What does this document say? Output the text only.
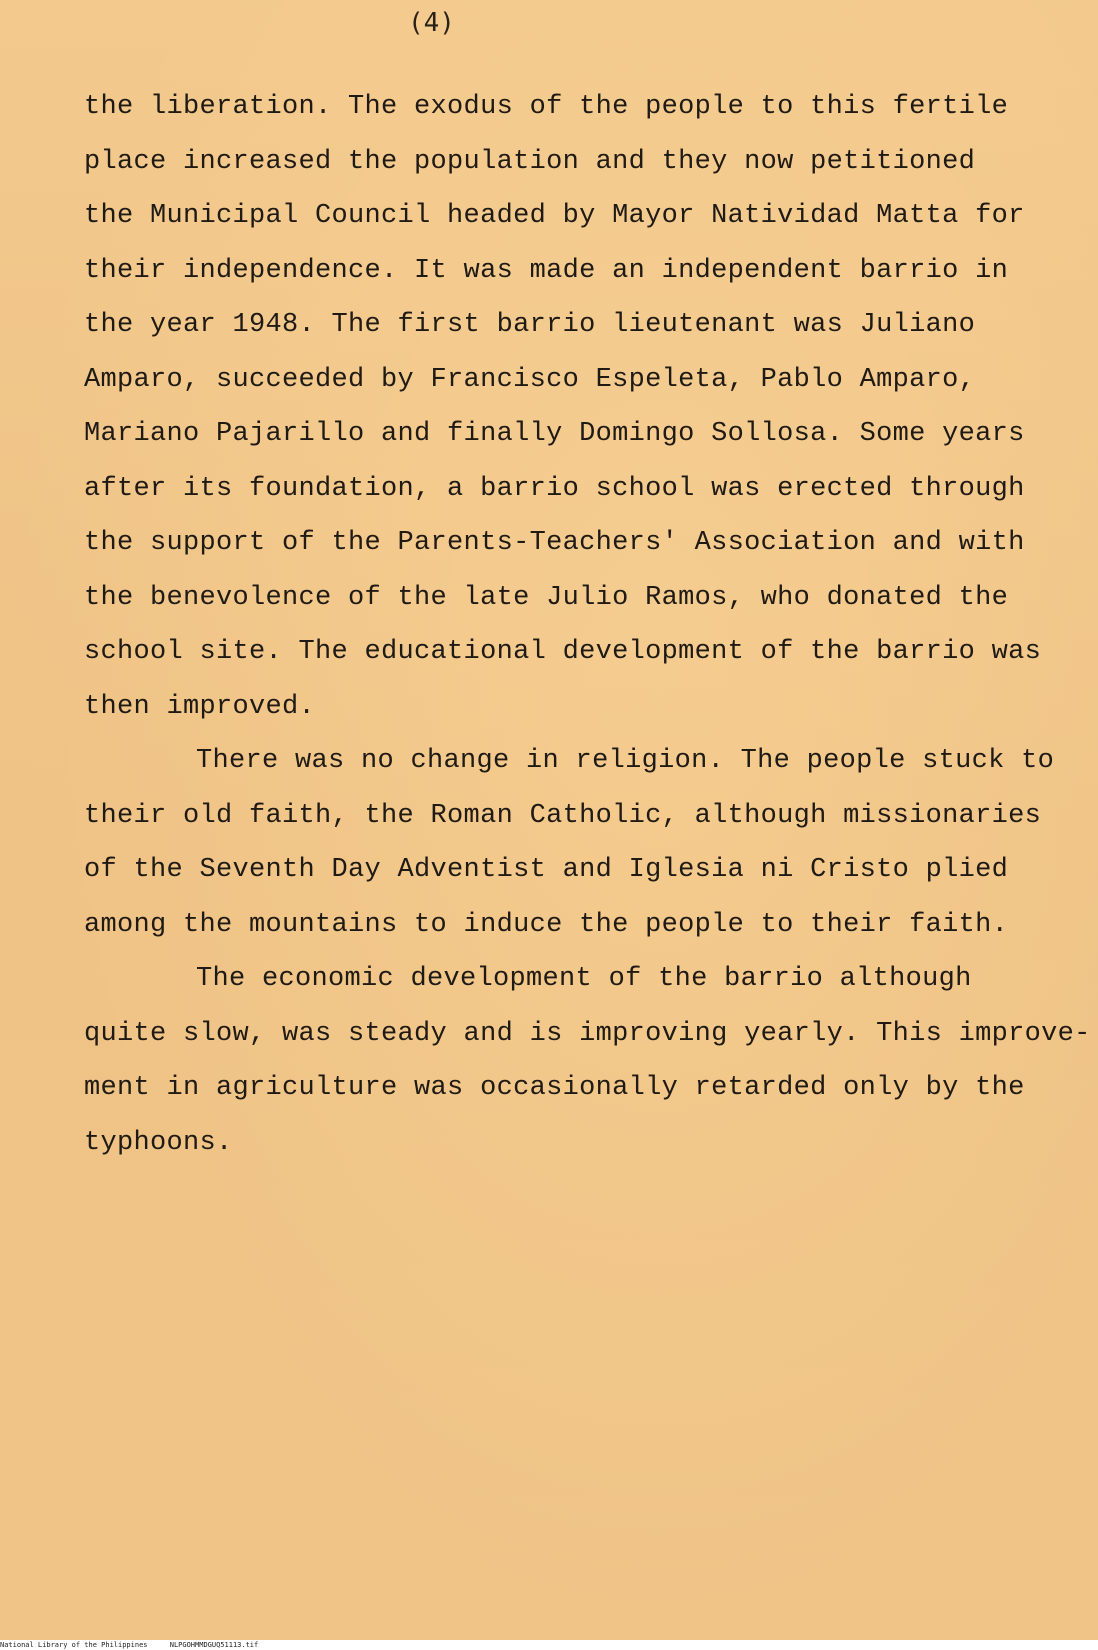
(4)
the liberation. The exodus of the people to this fertile
place increased the population and they now petitioned
the Municipal Council headed by Mayor Natividad Matta for
their independence. It was made an independent barrio in
the year 1948. The first barrio lieutenant was Juliano
Amparo, succeeded by Francisco Espeleta, Pablo Amparo,
Mariano Pajarillo and finally Domingo Sollosa. Some years
after its foundation, a barrio school was erected through
the support of the Parents-Teachers' Association and with
the benevolence of the late Julio Ramos, who donated the
school site. The educational development of the barrio was
then improved.
There was no change in religion. The people stuck to
their old faith, the Roman Catholic, although missionaries
of the Seventh Day Adventist and Iglesia ni Cristo plied
among the mountains to induce the people to their faith.
The economic development of the barrio although
quite slow, was steady and is improving yearly. This improve-
ment in agriculture was occasionally retarded only by the
typhoons.
National Library of the Philippines	NLPGOHMMDGUQ51113.tif
